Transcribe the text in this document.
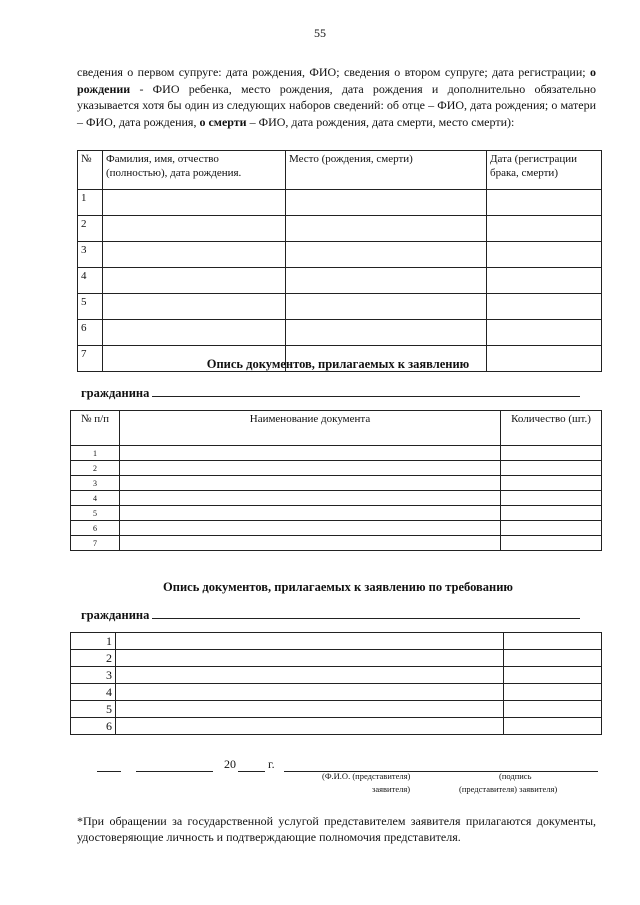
55
сведения о первом супруге: дата рождения, ФИО; сведения о втором супруге; дата регистрации; о рождении - ФИО ребенка, место рождения, дата рождения и дополнительно обязательно указывается хотя бы один из следующих наборов сведений: об отце – ФИО, дата рождения; о матери – ФИО, дата рождения, о смерти – ФИО, дата рождения, дата смерти, место смерти):
№	Фамилия, имя, отчество (полностью), дата рождения.	Место (рождения, смерти)	Дата (регистрации брака, смерти)
1			
2			
3			
4			
5			
6			
7			
Опись документов, прилагаемых к заявлению
гражданина
№ п/п	Наименование документа	Количество (шт.)
1		
2		
3		
4		
5		
6		
7		
Опись документов, прилагаемых к заявлению по требованию
гражданина
1		
2		
3		
4		
5		
6		
20	г.
(Ф.И.О. (представителя)
заявителя)
(подпись
(представителя) заявителя)
*При обращении за государственной услугой представителем заявителя прилагаются документы, удостоверяющие личность и подтверждающие полномочия представителя.
